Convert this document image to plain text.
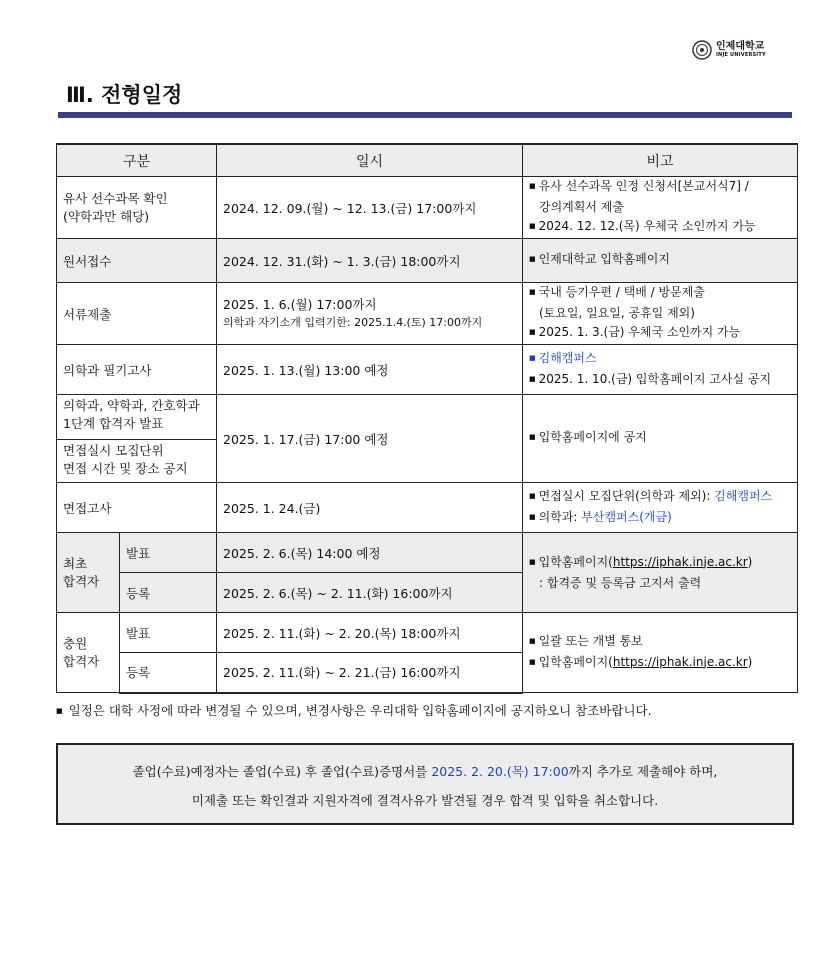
인제대학교
INJE UNIVERSITY
Ⅲ. 전형일정
구분		일시	비고

유사 선수과목 확인
(약학과만 해당)		2024. 12. 09.(월) ~ 12. 13.(금) 17:00까지	■ 유사 선수과목 인정 신청서[본교서식7] /
강의계획서 제출
■ 2024. 12. 12.(목) 우체국 소인까지 가능

원서접수		2024. 12. 31.(화) ~ 1. 3.(금) 18:00까지	■ 인제대학교 입학홈페이지

서류제출		2025. 1. 6.(월) 17:00까지
의학과 자기소개 입력기한: 2025.1.4.(토) 17:00까지	■ 국내 등기우편 / 택배 / 방문제출
(토요일, 일요일, 공휴일 제외)
■ 2025. 1. 3.(금) 우체국 소인까지 가능

의학과 필기고사		2025. 1. 13.(월) 13:00 예정	■ 김해캠퍼스
■ 2025. 1. 10.(금) 입학홈페이지 고사실 공지

의학과, 약학과, 간호학과
1단계 합격자 발표
면접실시 모집단위
면접 시간 및 장소 공지		2025. 1. 17.(금) 17:00 예정	■ 입학홈페이지에 공지

면접고사		2025. 1. 24.(금)	■ 면접실시 모집단위(의학과 제외): 김해캠퍼스
■ 의학과: 부산캠퍼스(개금)

최초
합격자	발표	2025. 2. 6.(목) 14:00 예정	■ 입학홈페이지(https://iphak.inje.ac.kr)
: 합격증 및 등록금 고지서 출력

	등록	2025. 2. 6.(목) ~ 2. 11.(화) 16:00까지	

충원
합격자	발표	2025. 2. 11.(화) ~ 2. 20.(목) 18:00까지	■ 일괄 또는 개별 통보
■ 입학홈페이지(https://iphak.inje.ac.kr)

	등록	2025. 2. 11.(화) ~ 2. 21.(금) 16:00까지	
■ 일정은 대학 사정에 따라 변경될 수 있으며, 변경사항은 우리대학 입학홈페이지에 공지하오니 참조바랍니다.

졸업(수료)예정자는 졸업(수료) 후 졸업(수료)증명서를 2025. 2. 20.(목) 17:00까지 추가로 제출해야 하며,

미제출 또는 확인결과 지원자격에 결격사유가 발견될 경우 합격 및 입학을 취소합니다.
